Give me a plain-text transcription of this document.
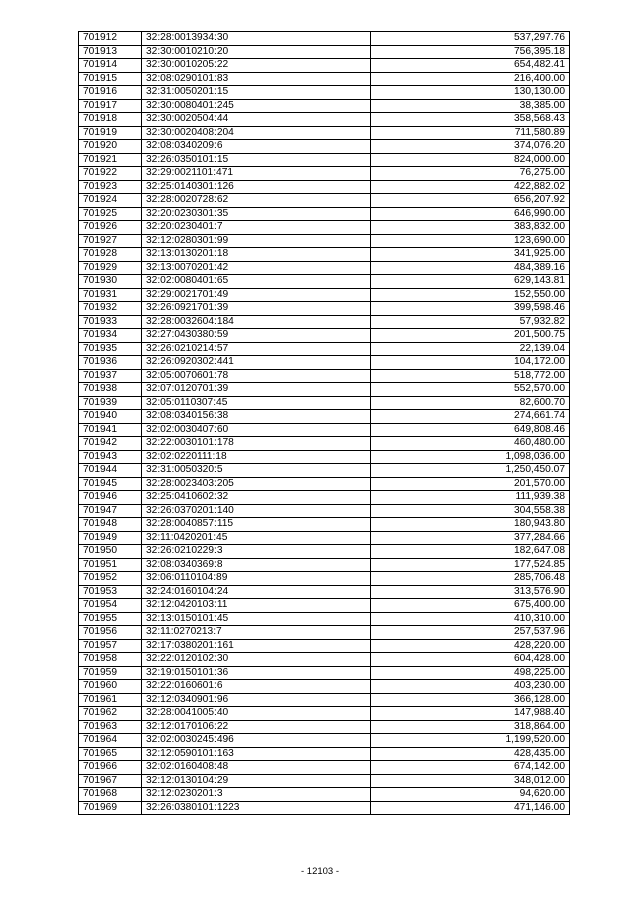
701912	32:28:0013934:30	537,297.76
701913	32:30:0010210:20	756,395.18
701914	32:30:0010205:22	654,482.41
701915	32:08:0290101:83	216,400.00
701916	32:31:0050201:15	130,130.00
701917	32:30:0080401:245	38,385.00
701918	32:30:0020504:44	358,568.43
701919	32:30:0020408:204	711,580.89
701920	32:08:0340209:6	374,076.20
701921	32:26:0350101:15	824,000.00
701922	32:29:0021101:471	76,275.00
701923	32:25:0140301:126	422,882.02
701924	32:28:0020728:62	656,207.92
701925	32:20:0230301:35	646,990.00
701926	32:20:0230401:7	383,832.00
701927	32:12:0280301:99	123,690.00
701928	32:13:0130201:18	341,925.00
701929	32:13:0070201:42	484,389.16
701930	32:02:0080401:65	629,143.81
701931	32:29:0021701:49	152,550.00
701932	32:26:0921701:39	399,598.46
701933	32:28:0032604:184	57,932.82
701934	32:27:0430380:59	201,500.75
701935	32:26:0210214:57	22,139.04
701936	32:26:0920302:441	104,172.00
701937	32:05:0070601:78	518,772.00
701938	32:07:0120701:39	552,570.00
701939	32:05:0110307:45	82,600.70
701940	32:08:0340156:38	274,661.74
701941	32:02:0030407:60	649,808.46
701942	32:22:0030101:178	460,480.00
701943	32:02:0220111:18	1,098,036.00
701944	32:31:0050320:5	1,250,450.07
701945	32:28:0023403:205	201,570.00
701946	32:25:0410602:32	111,939.38
701947	32:26:0370201:140	304,558.38
701948	32:28:0040857:115	180,943.80
701949	32:11:0420201:45	377,284.66
701950	32:26:0210229:3	182,647.08
701951	32:08:0340369:8	177,524.85
701952	32:06:0110104:89	285,706.48
701953	32:24:0160104:24	313,576.90
701954	32:12:0420103:11	675,400.00
701955	32:13:0150101:45	410,310.00
701956	32:11:0270213:7	257,537.96
701957	32:17:0380201:161	428,220.00
701958	32:22:0120102:30	604,428.00
701959	32:19:0150101:36	498,225.00
701960	32:22:0160601:6	403,230.00
701961	32:12:0340901:96	366,128.00
701962	32:28:0041005:40	147,988.40
701963	32:12:0170106:22	318,864.00
701964	32:02:0030245:496	1,199,520.00
701965	32:12:0590101:163	428,435.00
701966	32:02:0160408:48	674,142.00
701967	32:12:0130104:29	348,012.00
701968	32:12:0230201:3	94,620.00
701969	32:26:0380101:1223	471,146.00
- 12103 -
